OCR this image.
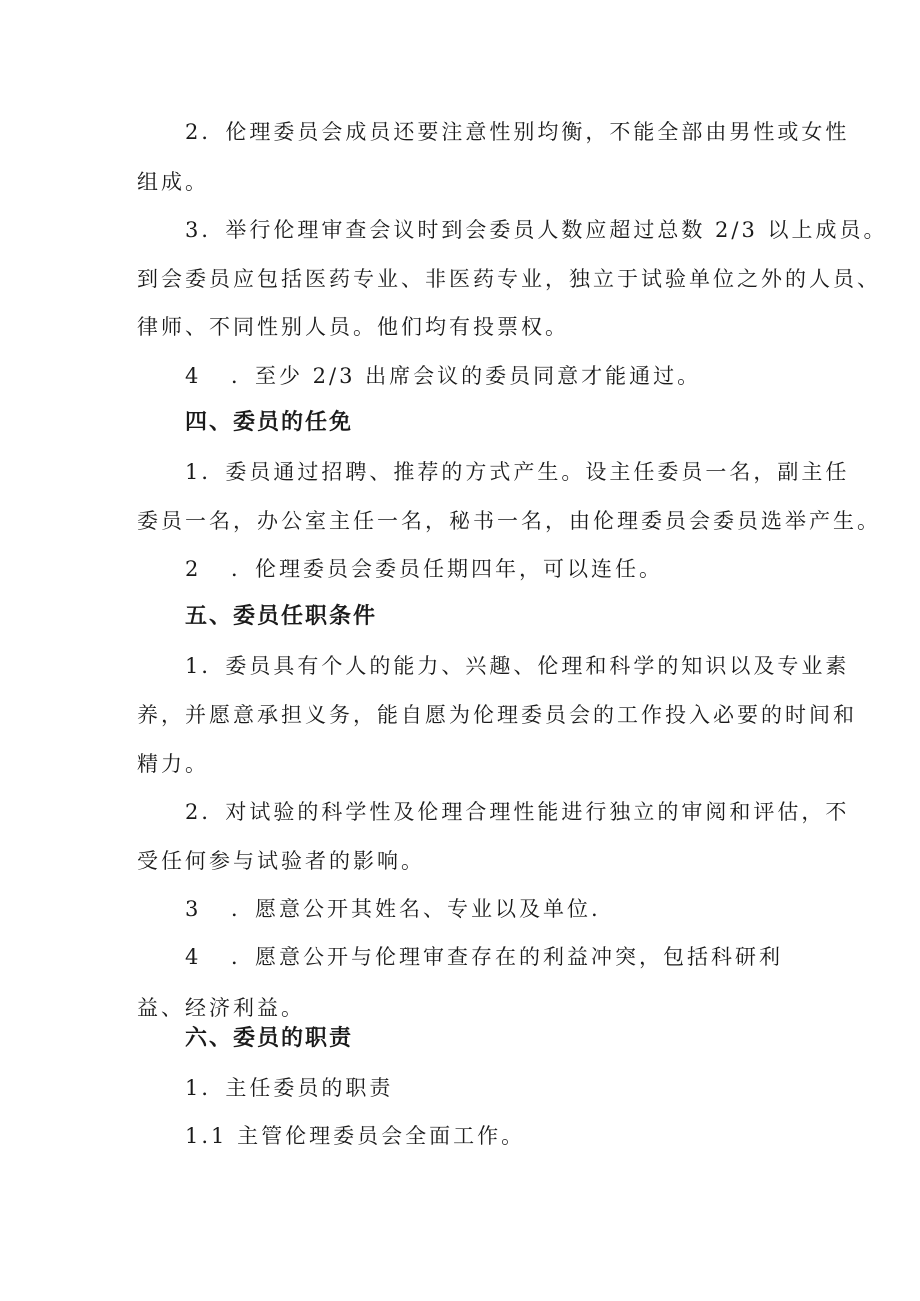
2．伦理委员会成员还要注意性别均衡，不能全部由男性或女性
组成。
3．举行伦理审查会议时到会委员人数应超过总数 2/3 以上成员。
到会委员应包括医药专业、非医药专业，独立于试验单位之外的人员、
律师、不同性别人员。他们均有投票权。
4 ．至少 2/3 出席会议的委员同意才能通过。
四、委员的任免
1．委员通过招聘、推荐的方式产生。设主任委员一名，副主任
委员一名，办公室主任一名，秘书一名，由伦理委员会委员选举产生。
2 ．伦理委员会委员任期四年，可以连任。
五、委员任职条件
1．委员具有个人的能力、兴趣、伦理和科学的知识以及专业素
养，并愿意承担义务，能自愿为伦理委员会的工作投入必要的时间和
精力。
2．对试验的科学性及伦理合理性能进行独立的审阅和评估，不
受任何参与试验者的影响。
3 ．愿意公开其姓名、专业以及单位.
4 ．愿意公开与伦理审查存在的利益冲突，包括科研利
益、经济利益。
六、委员的职责
1．主任委员的职责
1.1 主管伦理委员会全面工作。
